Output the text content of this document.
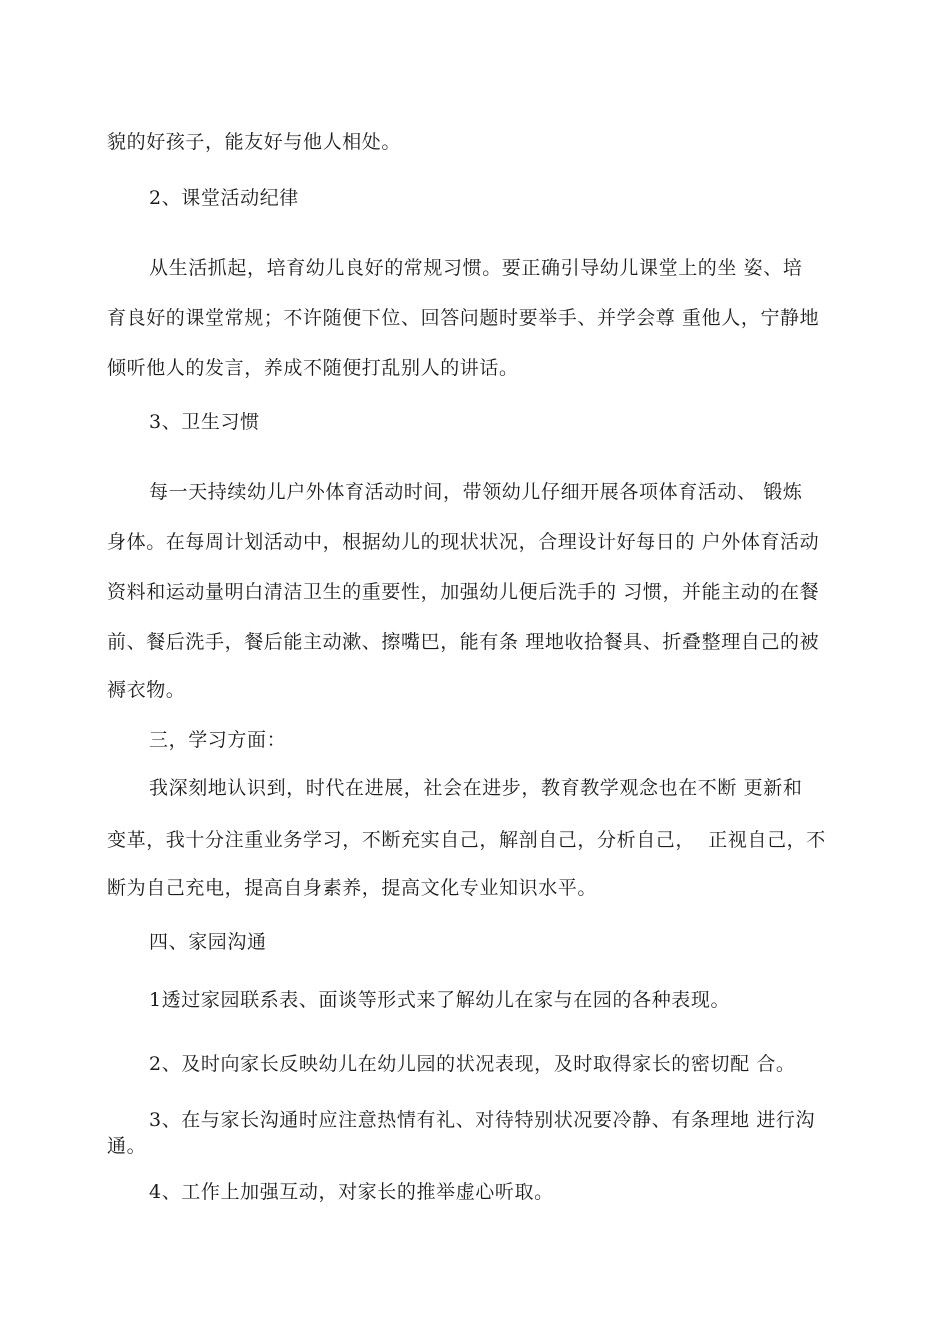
貌的好孩子，能友好与他人相处。
2、课堂活动纪律
从生活抓起，培育幼儿良好的常规习惯。要正确引导幼儿课堂上的坐 姿、培
育良好的课堂常规；不许随便下位、回答问题时要举手、并学会尊 重他人，宁静地
倾听他人的发言，养成不随便打乱别人的讲话。
3、卫生习惯
每一天持续幼儿户外体育活动时间，带领幼儿仔细开展各项体育活动、 锻炼
身体。在每周计划活动中，根据幼儿的现状状况，合理设计好每日的 户外体育活动
资料和运动量明白清洁卫生的重要性，加强幼儿便后洗手的 习惯，并能主动的在餐
前、餐后洗手，餐后能主动漱、擦嘴巴，能有条 理地收拾餐具、折叠整理自己的被
褥衣物。
三，学习方面：
我深刻地认识到，时代在进展，社会在进步，教育教学观念也在不断 更新和
变革，我十分注重业务学习，不断充实自己，解剖自己，分析自己，  正视自己，不
断为自己充电，提高自身素养，提高文化专业知识水平。
四、家园沟通
1透过家园联系表、面谈等形式来了解幼儿在家与在园的各种表现。
2、及时向家长反映幼儿在幼儿园的状况表现，及时取得家长的密切配 合。
3、在与家长沟通时应注意热情有礼、对待特别状况要冷静、有条理地 进行沟
通。
4、工作上加强互动，对家长的推举虚心听取。
